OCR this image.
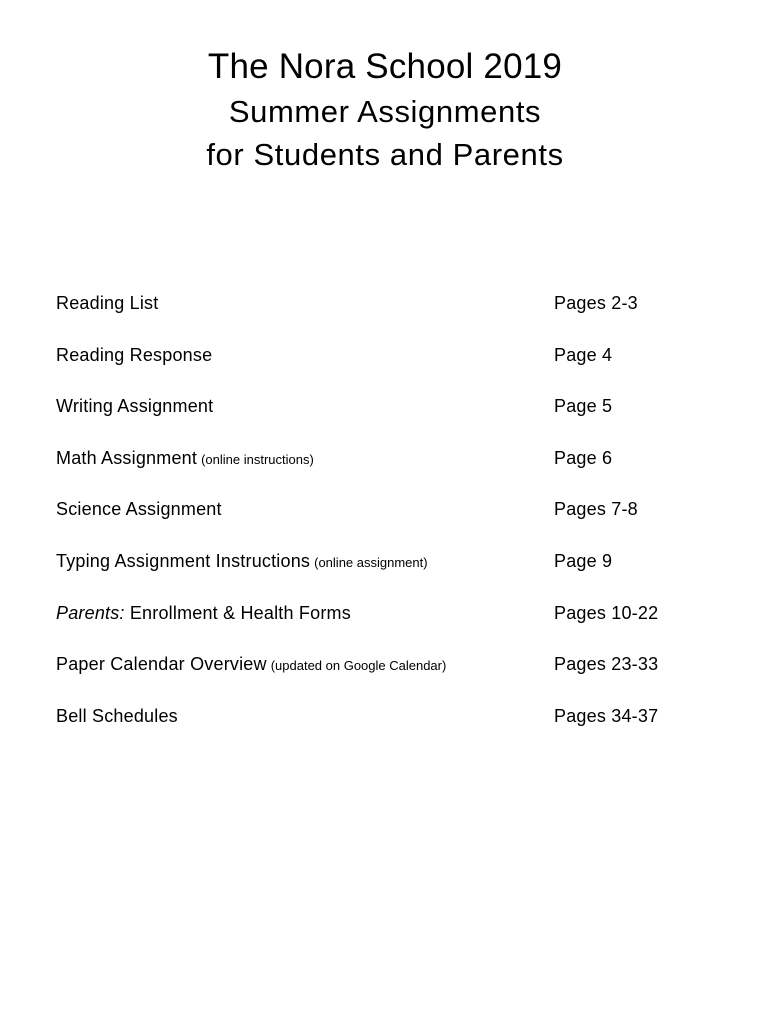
The Nora School 2019
Summer Assignments
for Students and Parents
Reading List	Pages 2-3
Reading Response	Page 4
Writing Assignment	Page 5
Math Assignment (online instructions)	Page 6
Science Assignment	Pages 7-8
Typing Assignment Instructions (online assignment)	Page 9
Parents: Enrollment & Health Forms	Pages 10-22
Paper Calendar Overview (updated on Google Calendar)	Pages 23-33
Bell Schedules	Pages 34-37
